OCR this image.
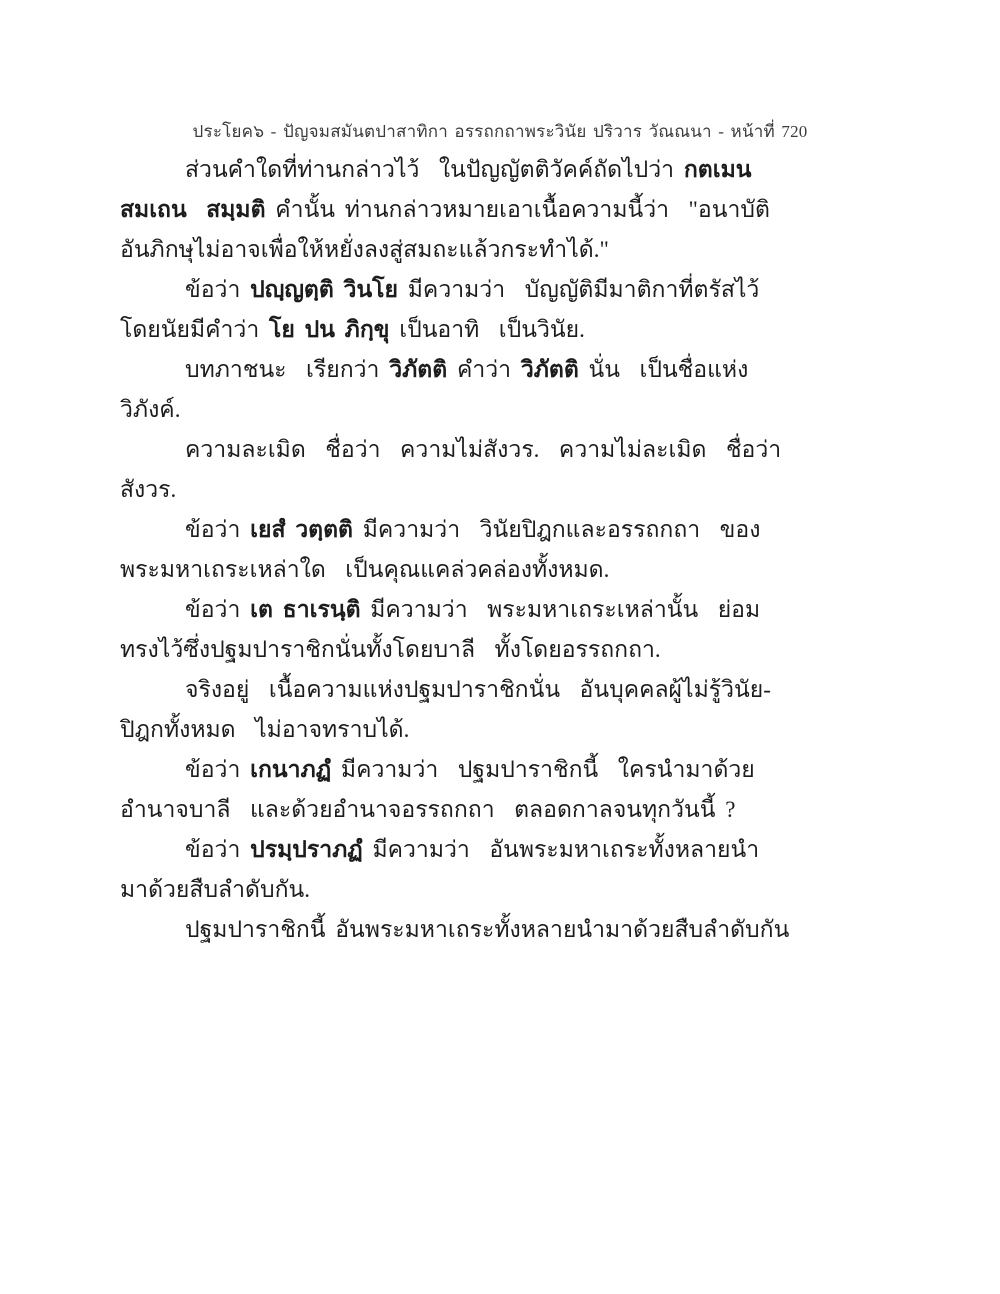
ประโยค๖ - ปัญจมสมันตปาสาทิกา อรรถกถาพระวินัย ปริวาร วัณณนา - หน้าที่ 720
ส่วนคำใดที่ท่านกล่าวไว้  ในปัญญัตติวัคค์ถัดไปว่า กตเมน
สมเถน  สมฺมติ คำนั้น ท่านกล่าวหมายเอาเนื้อความนี้ว่า  "อนาบัติ
อันภิกษุไม่อาจเพื่อให้หยั่งลงสู่สมถะแล้วกระทำได้."
ข้อว่า ปญฺญตฺติ วินโย มีความว่า  บัญญัติมีมาติกาที่ตรัสไว้
โดยนัยมีคำว่า โย ปน ภิกฺขุ เป็นอาทิ  เป็นวินัย.
บทภาชนะ  เรียกว่า วิภัตติ คำว่า วิภัตติ นั่น  เป็นชื่อแห่ง
วิภังค์.
ความละเมิด  ชื่อว่า  ความไม่สังวร.  ความไม่ละเมิด  ชื่อว่า
สังวร.
ข้อว่า เยสํ วตฺตติ มีความว่า  วินัยปิฎกและอรรถกถา  ของ
พระมหาเถระเหล่าใด  เป็นคุณแคล่วคล่องทั้งหมด.
ข้อว่า เต ธาเรนฺติ มีความว่า  พระมหาเถระเหล่านั้น  ย่อม
ทรงไว้ซึ่งปฐมปาราชิกนั่นทั้งโดยบาลี  ทั้งโดยอรรถกถา.
จริงอยู่  เนื้อความแห่งปฐมปาราชิกนั่น  อันบุคคลผู้ไม่รู้วินัย-
ปิฎกทั้งหมด  ไม่อาจทราบได้.
ข้อว่า เกนาภฏํ มีความว่า  ปฐมปาราชิกนี้  ใครนำมาด้วย
อำนาจบาลี  และด้วยอำนาจอรรถกถา  ตลอดกาลจนทุกวันนี้ ?
ข้อว่า ปรมฺปราภฏํ มีความว่า  อันพระมหาเถระทั้งหลายนำ
มาด้วยสืบลำดับกัน.
ปฐมปาราชิกนี้ อันพระมหาเถระทั้งหลายนำมาด้วยสืบลำดับกัน
